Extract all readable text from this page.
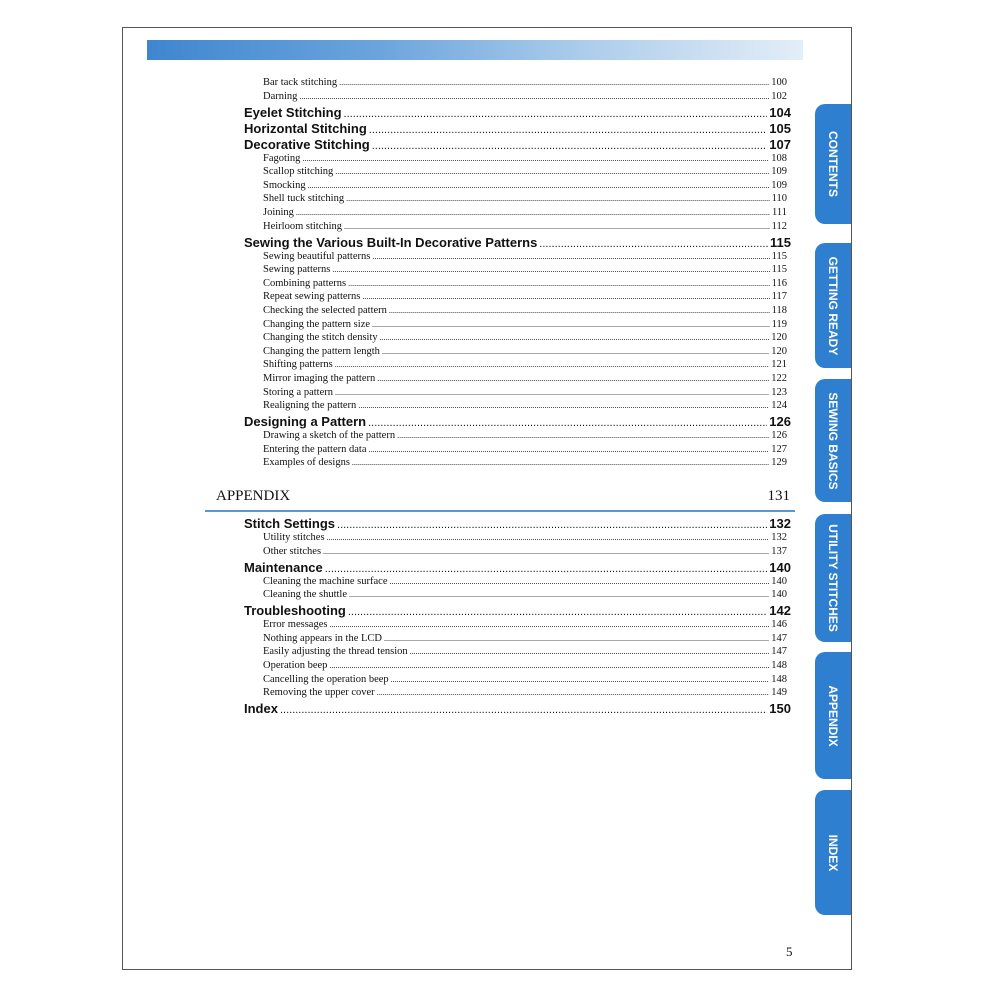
Bar tack stitching .....	100
Darning .....	102
Eyelet Stitching .....	104
Horizontal Stitching .....	105
Decorative Stitching .....	107
Fagoting .....	108
Scallop stitching .....	109
Smocking .....	109
Shell tuck stitching .....	110
Joining .....	111
Heirloom stitching .....	112
Sewing the Various Built-In Decorative Patterns .....	115
Sewing beautiful patterns .....	115
Sewing patterns .....	115
Combining patterns .....	116
Repeat sewing patterns .....	117
Checking the selected pattern .....	118
Changing the pattern size .....	119
Changing the stitch density .....	120
Changing the pattern length .....	120
Shifting patterns .....	121
Mirror imaging the pattern .....	122
Storing a pattern .....	123
Realigning the pattern .....	124
Designing a Pattern .....	126
Drawing a sketch of the pattern .....	126
Entering the pattern data .....	127
Examples of designs .....	129
Stitch Settings .....	132
Utility stitches .....	132
Other stitches .....	137
Maintenance .....	140
Cleaning the machine surface .....	140
Cleaning the shuttle .....	140
Troubleshooting .....	142
Error messages .....	146
Nothing appears in the LCD .....	147
Easily adjusting the thread tension .....	147
Operation beep .....	148
Cancelling the operation beep .....	148
Removing the upper cover .....	149
Index .....	150
APPENDIX	131
CONTENTS
GETTING READY
SEWING BASICS
UTILITY STITCHES
APPENDIX
INDEX
5
